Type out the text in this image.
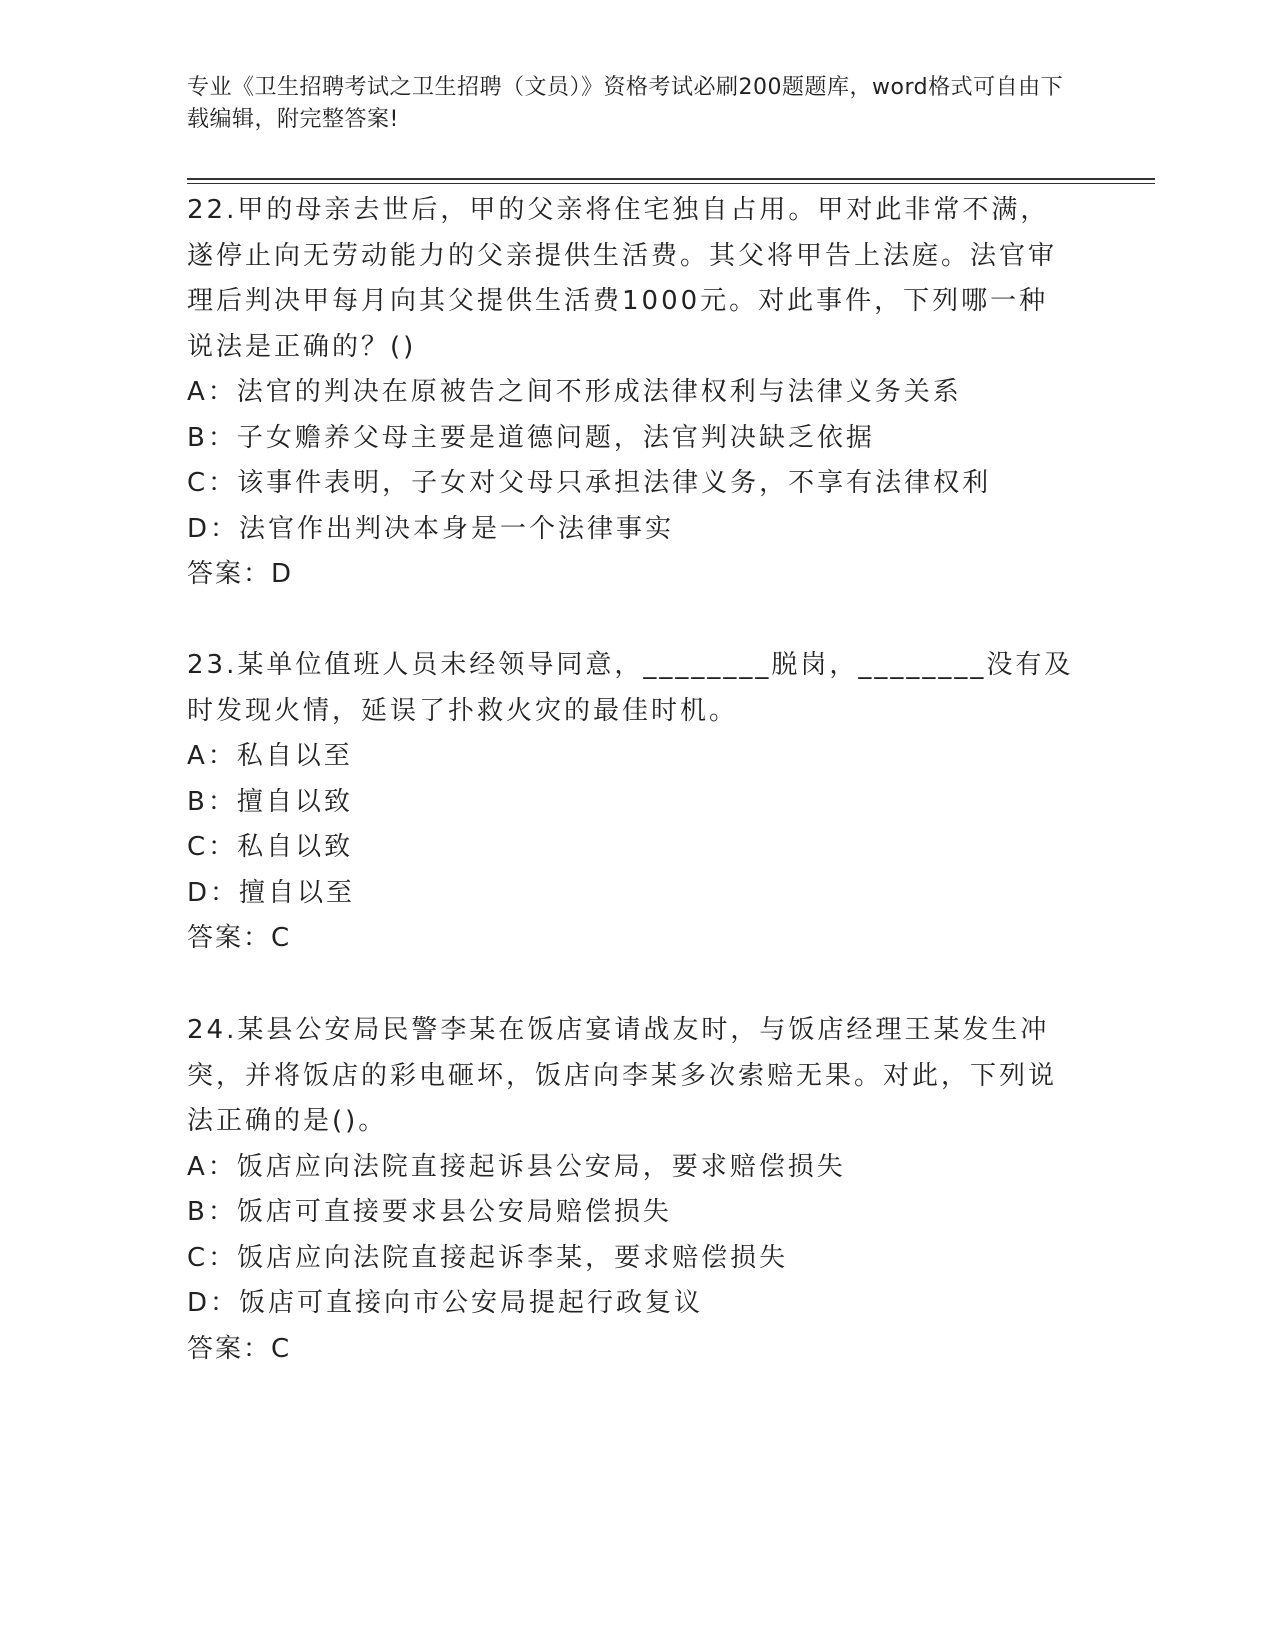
专业《卫生招聘考试之卫生招聘（文员）》资格考试必刷200题题库，word格式可自由下载编辑，附完整答案!

22.甲的母亲去世后，甲的父亲将住宅独自占用。甲对此非常不满，遂停止向无劳动能力的父亲提供生活费。其父将甲告上法庭。法官审理后判决甲每月向其父提供生活费1000元。对此事件，下列哪一种说法是正确的？()

A：法官的判决在原被告之间不形成法律权利与法律义务关系

B：子女赡养父母主要是道德问题，法官判决缺乏依据

C：该事件表明，子女对父母只承担法律义务，不享有法律权利

D：法官作出判决本身是一个法律事实

答案：D

23.某单位值班人员未经领导同意，________脱岗，________没有及时发现火情，延误了扑救火灾的最佳时机。

A：私自以至

B：擅自以致

C：私自以致

D：擅自以至

答案：C

24.某县公安局民警李某在饭店宴请战友时，与饭店经理王某发生冲突，并将饭店的彩电砸坏，饭店向李某多次索赔无果。对此，下列说法正确的是()。

A：饭店应向法院直接起诉县公安局，要求赔偿损失

B：饭店可直接要求县公安局赔偿损失

C：饭店应向法院直接起诉李某，要求赔偿损失

D：饭店可直接向市公安局提起行政复议

答案：C
